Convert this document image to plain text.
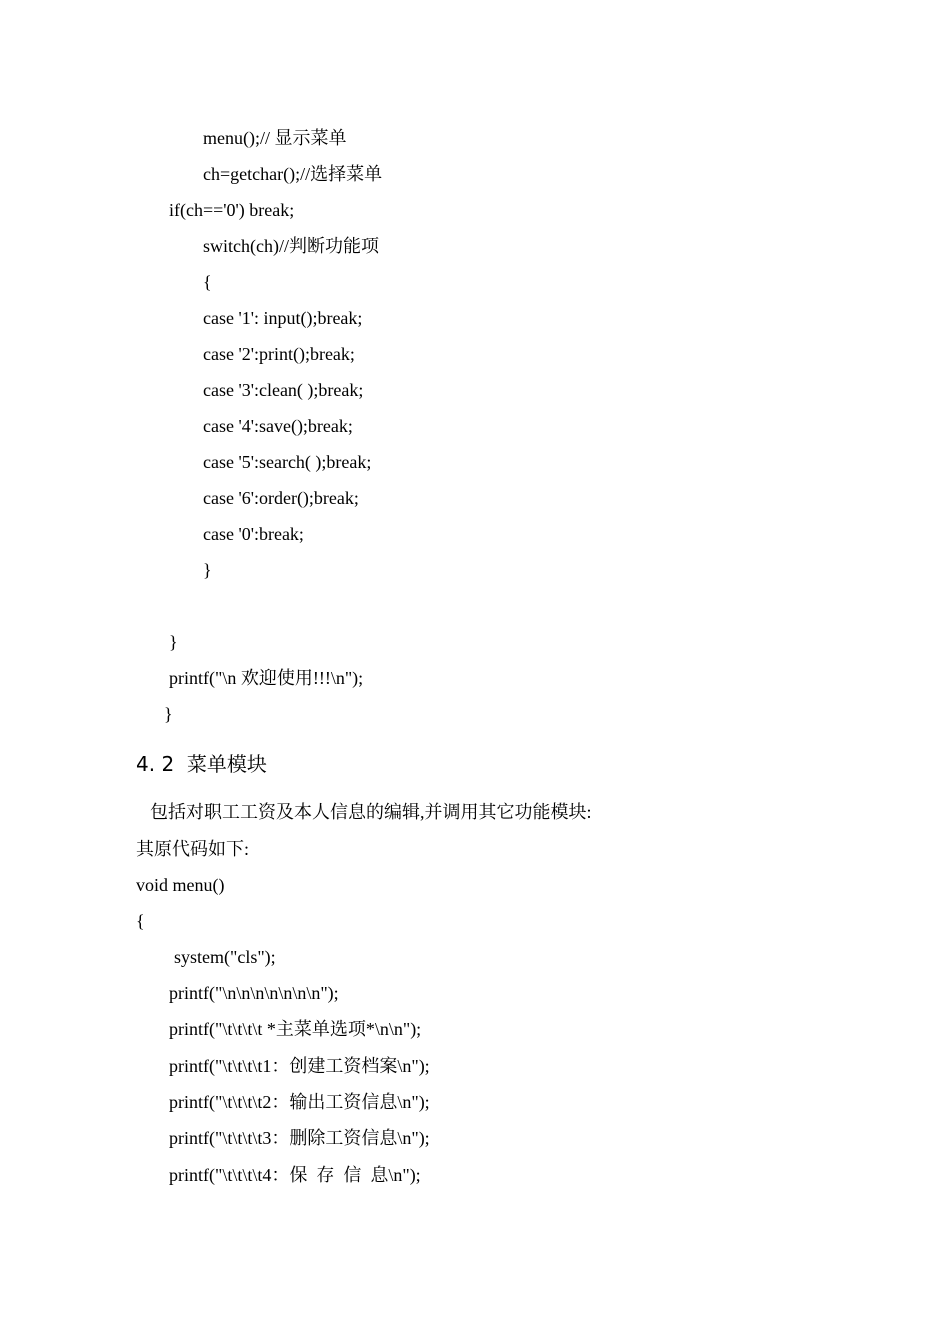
menu();// 显示菜单
ch=getchar();//选择菜单
if(ch=='0') break;
switch(ch)//判断功能项
{
case '1': input();break;
case '2':print();break;
case '3':clean( );break;
case '4':save();break;
case '5':search( );break;
case '6':order();break;
case '0':break;
}
}
printf("\n 欢迎使用!!!\n");
}
4. 2 菜单模块
包括对职工工资及本人信息的编辑,并调用其它功能模块:
其原代码如下:
void menu()
{
system("cls");
printf("\n\n\n\n\n\n\n");
printf("\t\t\t\t *主菜单选项*\n\n");
printf("\t\t\t\t1：创建工资档案\n");
printf("\t\t\t\t2：输出工资信息\n");
printf("\t\t\t\t3：删除工资信息\n");
printf("\t\t\t\t4：保  存  信  息\n");
